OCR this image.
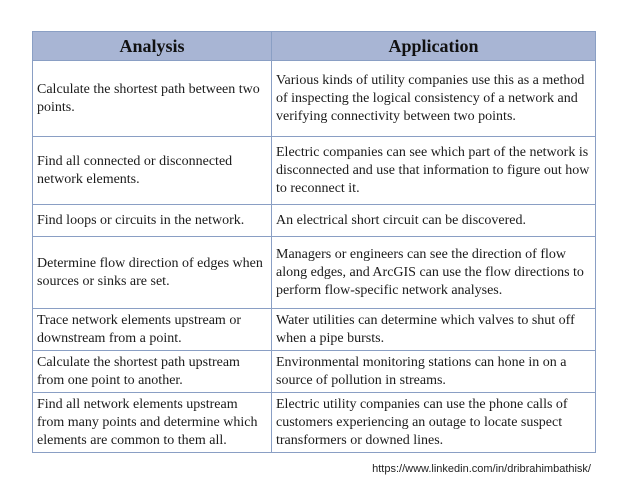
Analysis	Application
Calculate the shortest path between two points.	Various kinds of utility companies use this as a method of inspecting the logical consistency of a network and verifying connectivity between two points.
Find all connected or disconnected network elements.	Electric companies can see which part of the network is disconnected and use that information to figure out how to reconnect it.
Find loops or circuits in the network.	An electrical short circuit can be discovered.
Determine flow direction of edges when sources or sinks are set.	Managers or engineers can see the direction of flow along edges, and ArcGIS can use the flow directions to perform flow-specific network analyses.
Trace network elements upstream or downstream from a point.	Water utilities can determine which valves to shut off when a pipe bursts.
Calculate the shortest path upstream from one point to another.	Environmental monitoring stations can hone in on a source of pollution in streams.
Find all network elements upstream from many points and determine which elements are common to them all.	Electric utility companies can use the phone calls of customers experiencing an outage to locate suspect transformers or downed lines.
https://www.linkedin.com/in/dribrahimbathisk/
